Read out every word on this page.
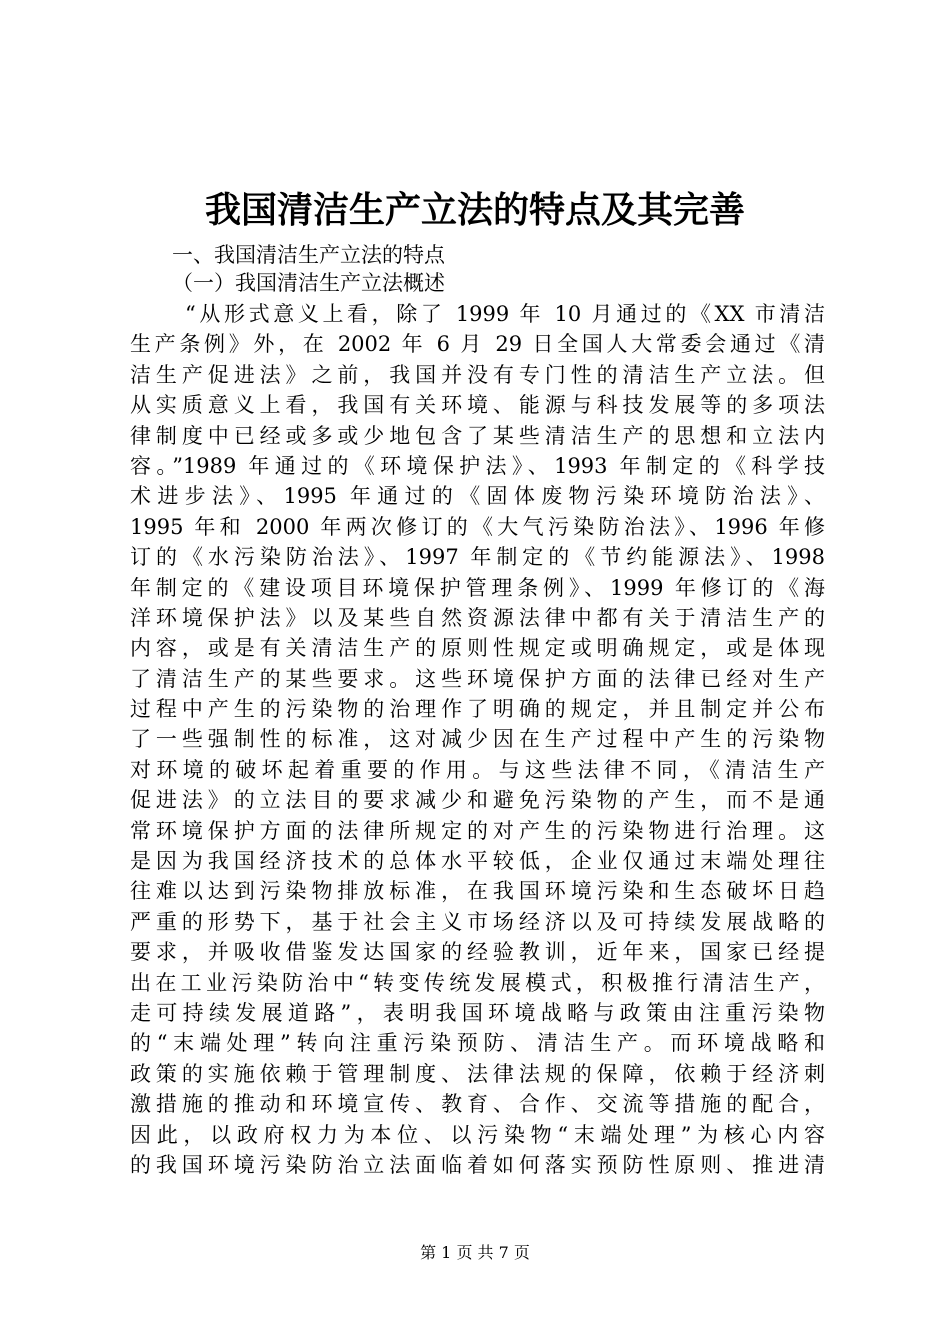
我国清洁生产立法的特点及其完善
一、我国清洁生产立法的特点
（一）我国清洁生产立法概述
“从形式意义上看，除了 1999 年 10 月通过的《XX 市清洁
生产条例》外，在 2002 年 6 月 29 日全国人大常委会通过《清
洁生产促进法》之前，我国并没有专门性的清洁生产立法。但
从实质意义上看，我国有关环境、能源与科技发展等的多项法
律制度中已经或多或少地包含了某些清洁生产的思想和立法内
容。”1989 年通过的《环境保护法》、1993 年制定的《科学技
术进步法》、1995 年通过的《固体废物污染环境防治法》、
1995 年和 2000 年两次修订的《大气污染防治法》、1996 年修
订的《水污染防治法》、1997 年制定的《节约能源法》、1998
年制定的《建设项目环境保护管理条例》、1999 年修订的《海
洋环境保护法》以及某些自然资源法律中都有关于清洁生产的
内容，或是有关清洁生产的原则性规定或明确规定，或是体现
了清洁生产的某些要求。这些环境保护方面的法律已经对生产
过程中产生的污染物的治理作了明确的规定，并且制定并公布
了一些强制性的标准，这对减少因在生产过程中产生的污染物
对环境的破坏起着重要的作用。与这些法律不同，《清洁生产
促进法》的立法目的要求减少和避免污染物的产生，而不是通
常环境保护方面的法律所规定的对产生的污染物进行治理。这
是因为我国经济技术的总体水平较低，企业仅通过末端处理往
往难以达到污染物排放标准，在我国环境污染和生态破坏日趋
严重的形势下，基于社会主义市场经济以及可持续发展战略的
要求，并吸收借鉴发达国家的经验教训，近年来，国家已经提
出在工业污染防治中“转变传统发展模式，积极推行清洁生产，
走可持续发展道路”，表明我国环境战略与政策由注重污染物
的“末端处理”转向注重污染预防、清洁生产。而环境战略和
政策的实施依赖于管理制度、法律法规的保障，依赖于经济刺
激措施的推动和环境宣传、教育、合作、交流等措施的配合，
因此，以政府权力为本位、以污染物“末端处理”为核心内容
的我国环境污染防治立法面临着如何落实预防性原则、推进清
第 1 页 共 7 页
